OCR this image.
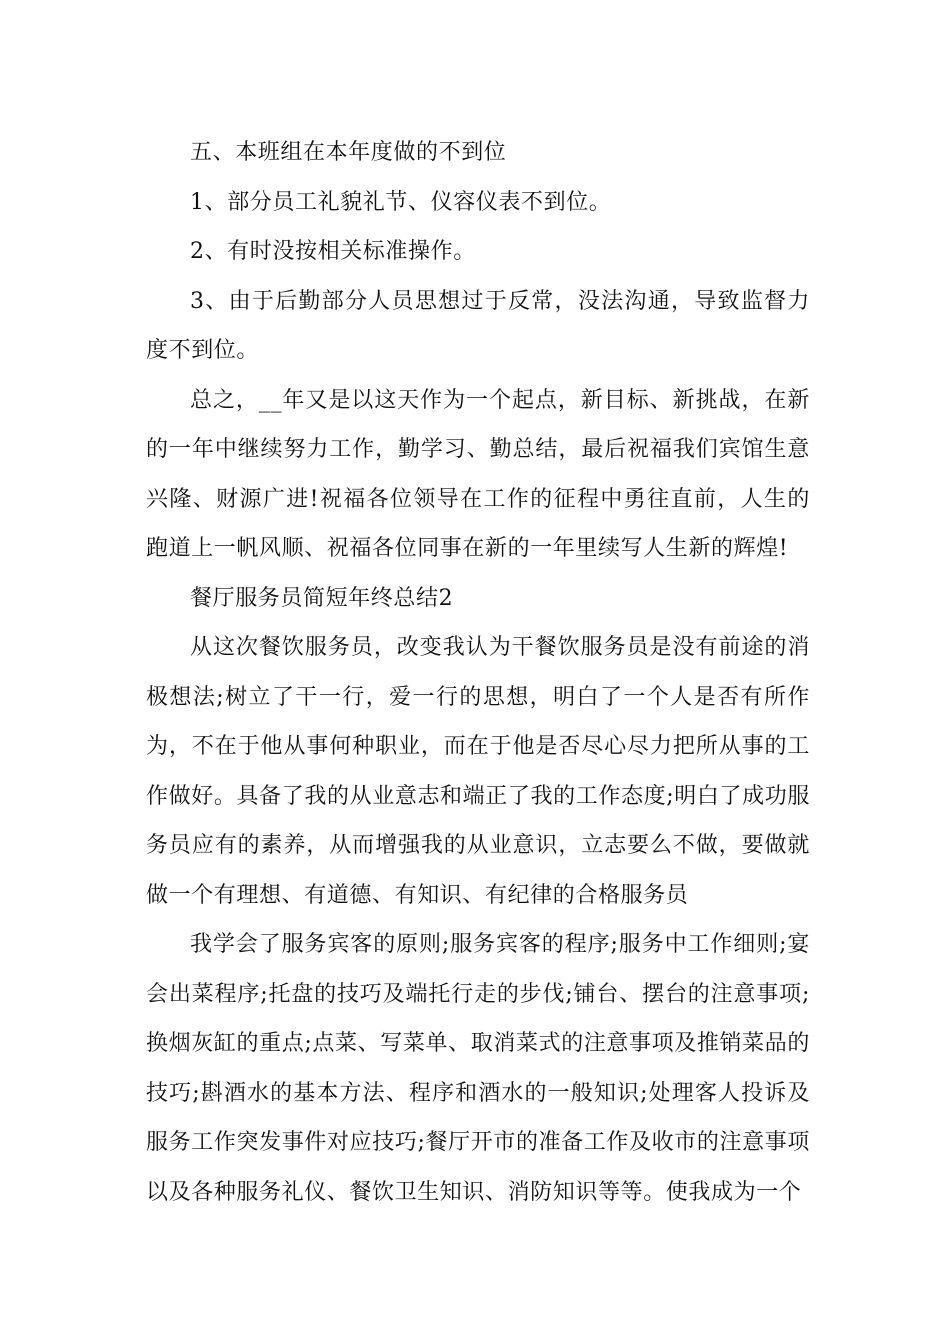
五、本班组在本年度做的不到位

1、部分员工礼貌礼节、仪容仪表不到位。

2、有时没按相关标准操作。

3、由于后勤部分人员思想过于反常，没法沟通，导致监督力度不到位。

总之，__年又是以这天作为一个起点，新目标、新挑战，在新的一年中继续努力工作，勤学习、勤总结，最后祝福我们宾馆生意兴隆、财源广进!祝福各位领导在工作的征程中勇往直前，人生的跑道上一帆风顺、祝福各位同事在新的一年里续写人生新的辉煌!

餐厅服务员简短年终总结2

从这次餐饮服务员，改变我认为干餐饮服务员是没有前途的消极想法;树立了干一行，爱一行的思想，明白了一个人是否有所作为，不在于他从事何种职业，而在于他是否尽心尽力把所从事的工作做好。具备了我的从业意志和端正了我的工作态度;明白了成功服务员应有的素养，从而增强我的从业意识，立志要么不做，要做就做一个有理想、有道德、有知识、有纪律的合格服务员

我学会了服务宾客的原则;服务宾客的程序;服务中工作细则;宴会出菜程序;托盘的技巧及端托行走的步伐;铺台、摆台的注意事项;换烟灰缸的重点;点菜、写菜单、取消菜式的注意事项及推销菜品的技巧;斟酒水的基本方法、程序和酒水的一般知识;处理客人投诉及服务工作突发事件对应技巧;餐厅开市的准备工作及收市的注意事项以及各种服务礼仪、餐饮卫生知识、消防知识等等。使我成为一个
